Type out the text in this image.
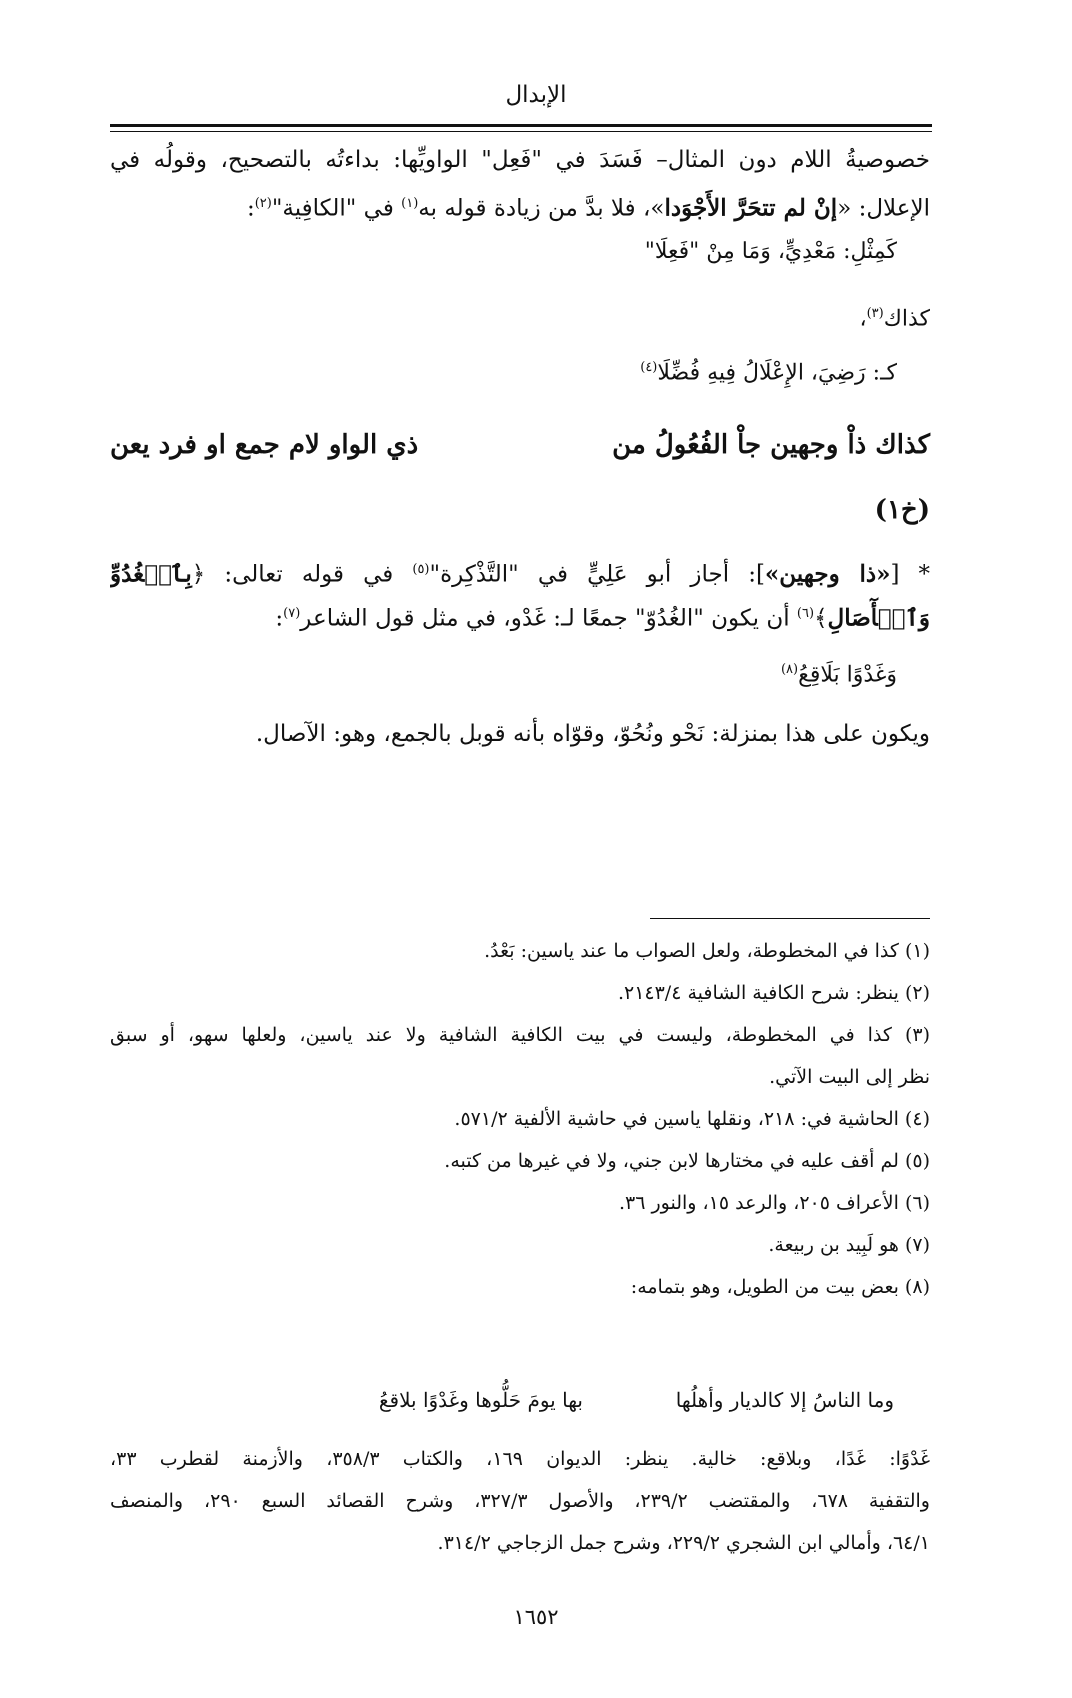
الإبدال
خصوصيةُ اللام دون المثال– فَسَدَ في "فَعِل" الواويِّها: بداءتُه بالتصحيح، وقولُه في
الإعلال: «إنْ لم تتحَرَّ الأَجْوَدا»، فلا بدَّ من زيادة قوله به$^{(١)}$ في "الكافِية"$^{(٢)}$:
كَمِثْلِ: مَعْدِيٍّ، وَمَا مِنْ "فَعِلَا"
كذاك$^{(٣)}$،
كـ: رَضِيَ، الإِعْلَالُ فِيهِ فُضِّلَا$^{(٤)}$
كذاك ذاْ وجهين جاْ الفُعُولُ من
ذي الواو لام جمع او فرد يعن
(خ١)
* [«ذا وجهين»]: أجاز أبو عَلِيٍّ في "التَّذْكِرة"$^{(٥)}$ في قوله تعالى: ﴿بِٱلۡغُدُوِّ
وَٱلۡأٓصَالِ﴾$^{(٦)}$ أن يكون "الغُدُوّ" جمعًا لـ: غَدْو، في مثل قول الشاعر$^{(٧)}$:
وَغَدْوًا بَلَاقِعُ$^{(٨)}$
ويكون على هذا بمنزلة: نَحْو ونُحُوّ، وقوّاه بأنه قوبل بالجمع، وهو: الآصال.
(١) كذا في المخطوطة، ولعل الصواب ما عند ياسين: بَعْدُ.
(٢) ينظر: شرح الكافية الشافية ٢١٤٣/٤.
(٣) كذا في المخطوطة، وليست في بيت الكافية الشافية ولا عند ياسين، ولعلها سهو، أو سبق
نظر إلى البيت الآتي.
(٤) الحاشية في: ٢١٨، ونقلها ياسين في حاشية الألفية ٥٧١/٢.
(٥) لم أقف عليه في مختارها لابن جني، ولا في غيرها من كتبه.
(٦) الأعراف ٢٠٥، والرعد ١٥، والنور ٣٦.
(٧) هو لَبِيد بن ربيعة.
(٨) بعض بيت من الطويل، وهو بتمامه:
وما الناسُ إلا كالديار وأهلُها  بها يومَ حَلُّوها وغَدْوًا بلاقعُ
غَدْوًا: غَدًا، وبلاقع: خالية. ينظر: الديوان ١٦٩، والكتاب ٣٥٨/٣، والأزمنة لقطرب ٣٣،
والتقفية ٦٧٨، والمقتضب ٢٣٩/٢، والأصول ٣٢٧/٣، وشرح القصائد السبع ٢٩٠، والمنصف
٦٤/١، وأمالي ابن الشجري ٢٢٩/٢، وشرح جمل الزجاجي ٣١٤/٢.
١٦٥٢
